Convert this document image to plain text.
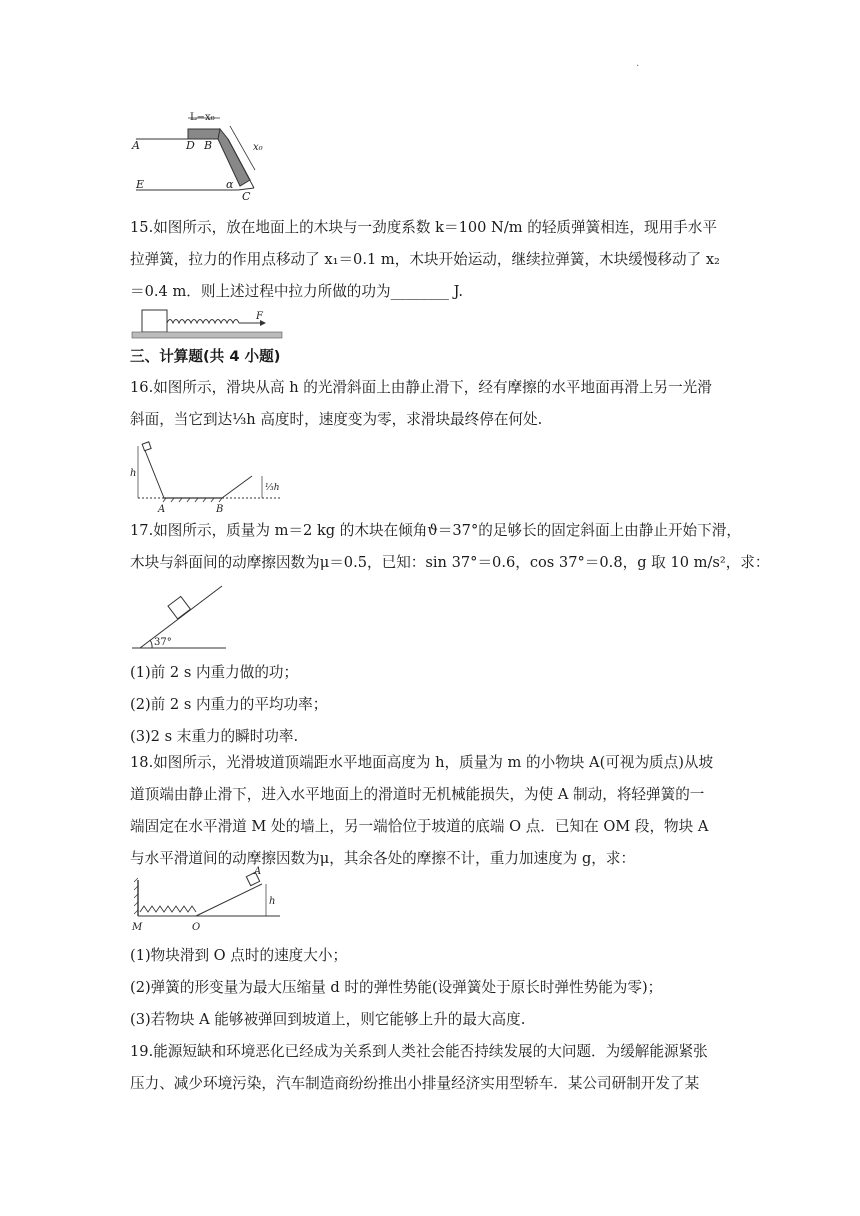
.
L−x₀
x₀
A	D B
E	α
C
15.如图所示，放在地面上的木块与一劲度系数 k＝100 N/m 的轻质弹簧相连，现用手水平
拉弹簧，拉力的作用点移动了 x₁＝0.1 m，木块开始运动，继续拉弹簧，木块缓慢移动了 x₂
＝0.4 m．则上述过程中拉力所做的功为________ J.
F
三、计算题(共 4 小题)
16.如图所示，滑块从高 h 的光滑斜面上由静止滑下，经有摩擦的水平地面再滑上另一光滑
斜面，当它到达⅓h 高度时，速度变为零，求滑块最终停在何处.
h
A	B
⅓h
17.如图所示，质量为 m＝2 kg 的木块在倾角ϑ＝37°的足够长的固定斜面上由静止开始下滑，
木块与斜面间的动摩擦因数为μ＝0.5，已知：sin 37°＝0.6，cos 37°＝0.8，g 取 10 m/s²，求：
37°
(1)前 2 s 内重力做的功；
(2)前 2 s 内重力的平均功率；
(3)2 s 末重力的瞬时功率.
18.如图所示，光滑坡道顶端距水平地面高度为 h，质量为 m 的小物块 A(可视为质点)从坡
道顶端由静止滑下，进入水平地面上的滑道时无机械能损失，为使 A 制动，将轻弹簧的一
端固定在水平滑道 M 处的墙上，另一端恰位于坡道的底端 O 点．已知在 OM 段，物块 A
与水平滑道间的动摩擦因数为μ，其余各处的摩擦不计，重力加速度为 g，求：
A
h
M	O
(1)物块滑到 O 点时的速度大小；
(2)弹簧的形变量为最大压缩量 d 时的弹性势能(设弹簧处于原长时弹性势能为零)；
(3)若物块 A 能够被弹回到坡道上，则它能够上升的最大高度.
19.能源短缺和环境恶化已经成为关系到人类社会能否持续发展的大问题．为缓解能源紧张
压力、减少环境污染，汽车制造商纷纷推出小排量经济实用型轿车．某公司研制开发了某
